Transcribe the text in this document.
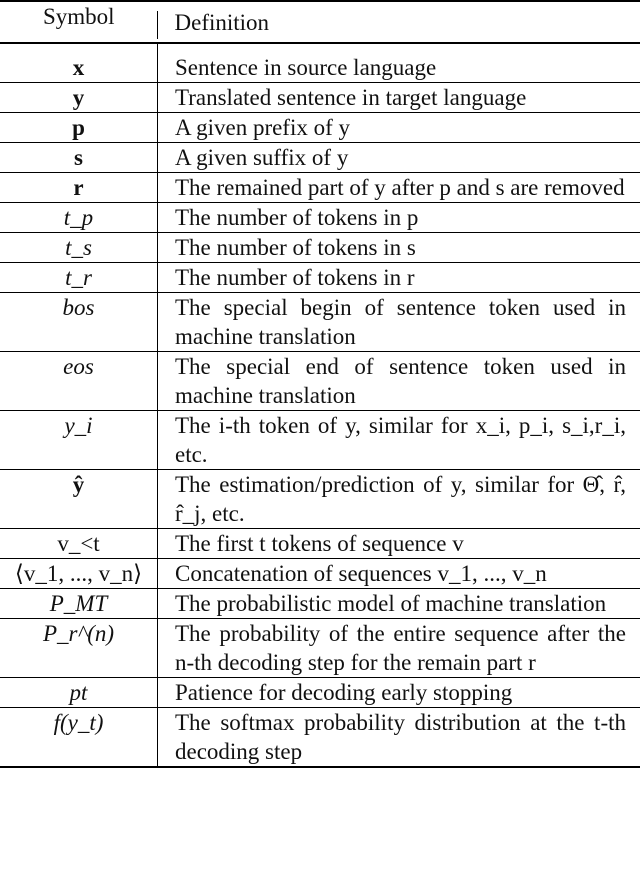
Symbol	Definition
x	Sentence in source language
y	Translated sentence in target language
p	A given prefix of y
s	A given suffix of y
r	The remained part of y after p and s are removed
t_p	The number of tokens in p
t_s	The number of tokens in s
t_r	The number of tokens in r
bos	The special begin of sentence token used in machine translation
eos	The special end of sentence token used in machine translation
y_i	The i-th token of y, similar for x_i, p_i, s_i,r_i, etc.
ŷ	The estimation/prediction of y, similar for Θ̂, r̂, r̂_j, etc.
v_<t	The first t tokens of sequence v
⟨v_1, ..., v_n⟩	Concatenation of sequences v_1, ..., v_n
P_MT	The probabilistic model of machine translation
P_r^(n)	The probability of the entire sequence after the n-th decoding step for the remain part r
pt	Patience for decoding early stopping
f(y_t)	The softmax probability distribution at the t-th decoding step
